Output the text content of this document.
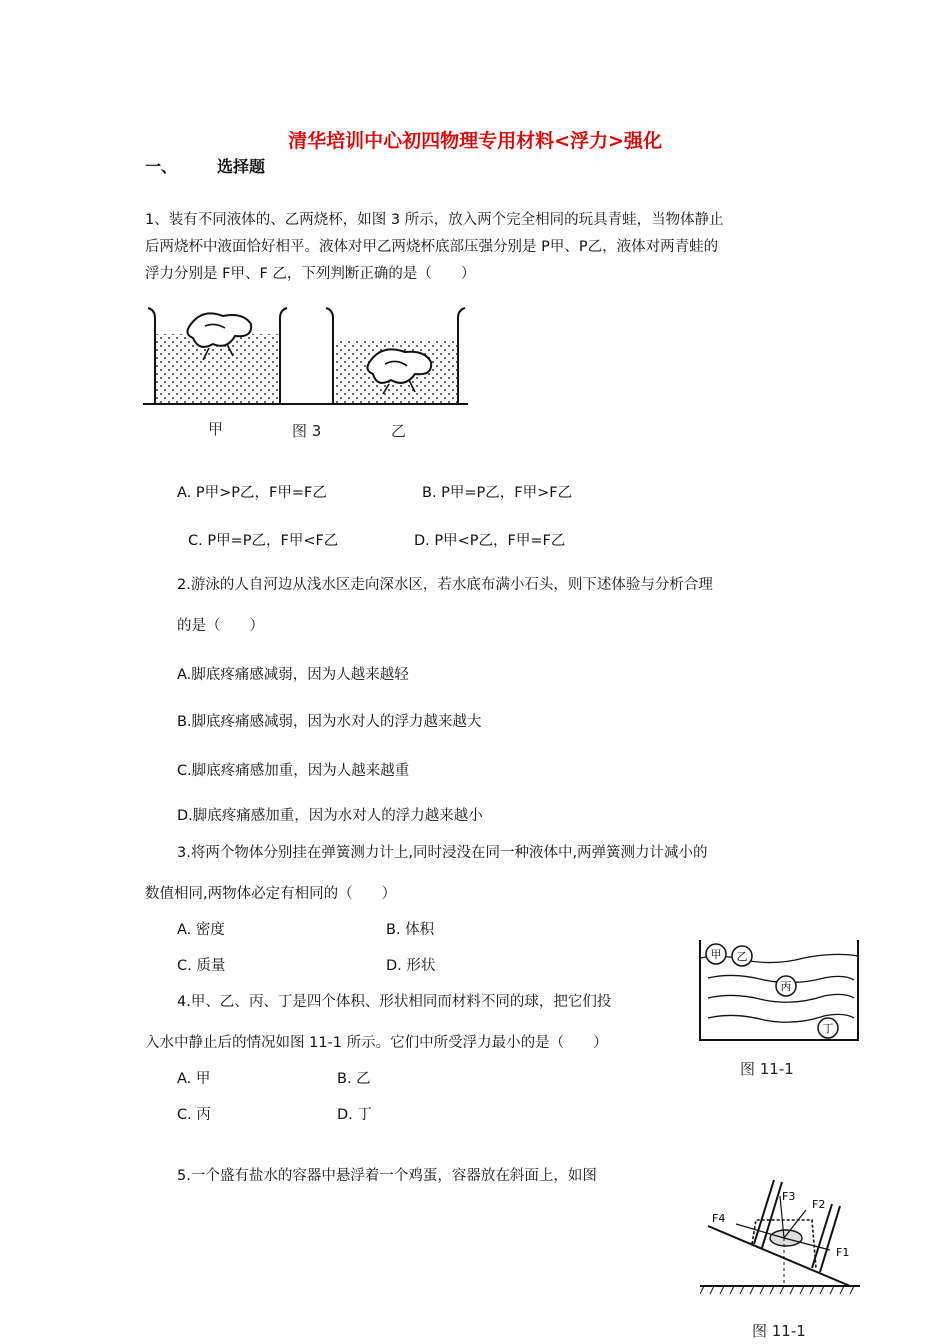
清华培训中心初四物理专用材料<浮力>强化
一、	选择题
1、装有不同液体的、乙两烧杯，如图 3 所示，放入两个完全相同的玩具青蛙，当物体静止
后两烧杯中液面恰好相平。液体对甲乙两烧杯底部压强分别是 P甲、P乙，液体对两青蛙的
浮力分别是 F甲、F 乙，下列判断正确的是（　　）
甲	图 3	乙
A. P甲>P乙，F甲=F乙	B. P甲=P乙，F甲>F乙
C. P甲=P乙，F甲<F乙	D. P甲<P乙，F甲=F乙
2.游泳的人自河边从浅水区走向深水区，若水底布满小石头，则下述体验与分析合理
的是（　　）
A.脚底疼痛感减弱，因为人越来越轻
B.脚底疼痛感减弱，因为水对人的浮力越来越大
C.脚底疼痛感加重，因为人越来越重
D.脚底疼痛感加重，因为水对人的浮力越来越小
3.将两个物体分别挂在弹簧测力计上,同时浸没在同一种液体中,两弹簧测力计减小的
数值相同,两物体必定有相同的（　　）
A. 密度	B. 体积
C. 质量	D. 形状
4.甲、乙、丙、丁是四个体积、形状相同而材料不同的球，把它们投
入水中静止后的情况如图 11-1 所示。它们中所受浮力最小的是（　　）
A. 甲	B. 乙
C. 丙	D. 丁
甲 乙
丙
丁
图 11-1
5.一个盛有盐水的容器中悬浮着一个鸡蛋，容器放在斜面上，如图
F3
F2
F4
F1
图 11-1
